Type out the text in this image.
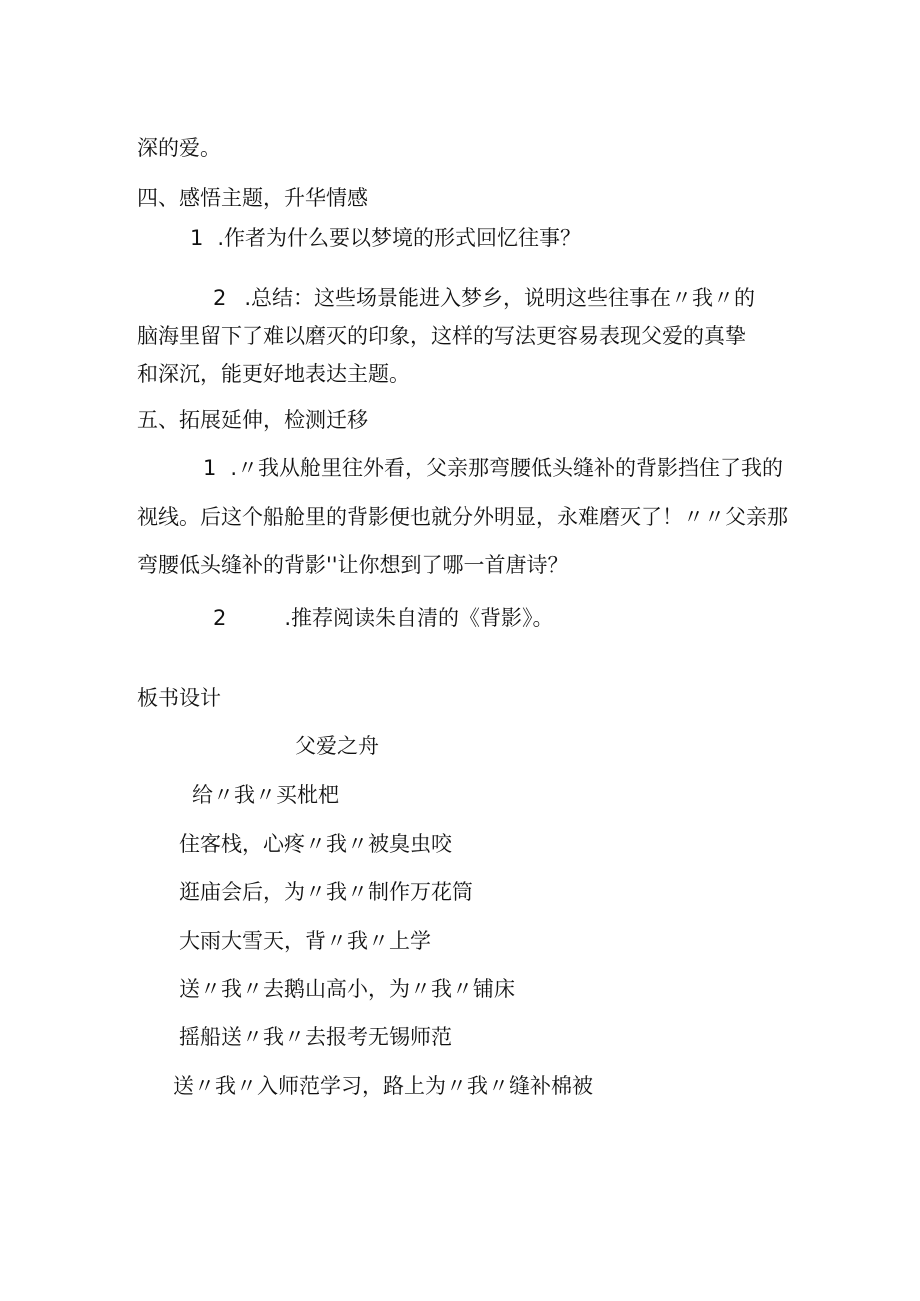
深的爱。
四、感悟主题，升华情感
1 .作者为什么要以梦境的形式回忆往事？
2 .总结：这些场景能进入梦乡，说明这些往事在〃我〃的
脑海里留下了难以磨灭的印象，这样的写法更容易表现父爱的真挚
和深沉，能更好地表达主题。
五、拓展延伸，检测迁移
1 .〃我从舱里往外看，父亲那弯腰低头缝补的背影挡住了我的
视线。后这个船舱里的背影便也就分外明显，永难磨灭了！〃〃父亲那
弯腰低头缝补的背影''让你想到了哪一首唐诗？
2	.推荐阅读朱自清的《背影》。
板书设计
父爱之舟
给〃我〃买枇杷
住客栈，心疼〃我〃被臭虫咬
逛庙会后，为〃我〃制作万花筒
大雨大雪天，背〃我〃上学
送〃我〃去鹅山高小，为〃我〃铺床
摇船送〃我〃去报考无锡师范
送〃我〃入师范学习，路上为〃我〃缝补棉被
